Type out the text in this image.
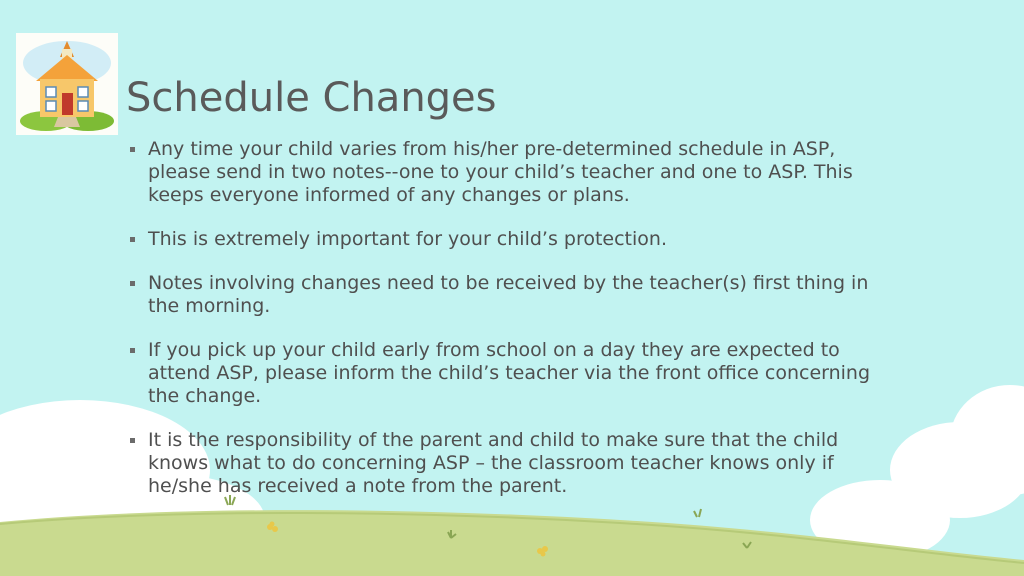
Schedule Changes
Any time your child varies from his/her pre-determined schedule in ASP, please send in two notes--one to your child’s teacher and one to ASP. This keeps everyone informed of any changes or plans.
This is extremely important for your child’s protection.
Notes involving changes need to be received by the teacher(s) first thing in the morning.
If you pick up your child early from school on a day they are expected to attend ASP, please inform the child’s teacher via the front office concerning the change.
It is the responsibility of the parent and child to make sure that the child knows what to do concerning ASP – the classroom teacher knows only if he/she has received a note from the parent.
